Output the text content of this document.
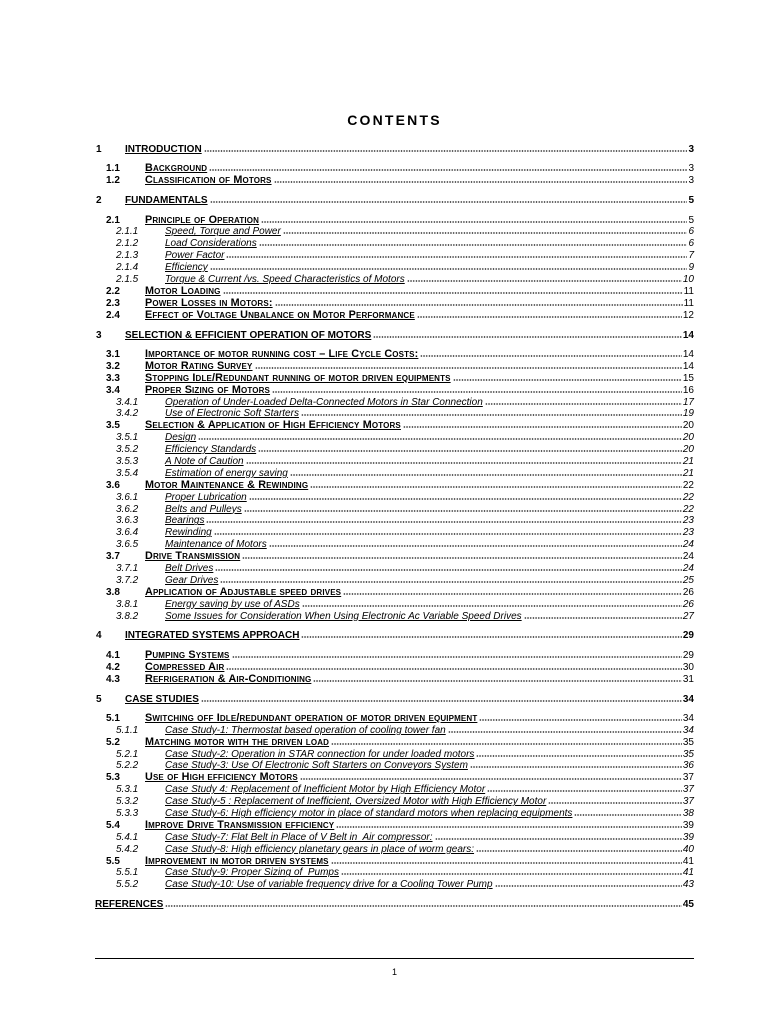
CONTENTS
1 INTRODUCTION	3
1.1 Background	3
1.2 Classification of Motors	3
2 FUNDAMENTALS	5
2.1 Principle of Operation	5
2.1.1	Speed, Torque and Power	6
2.1.2	Load Considerations	6
2.1.3	Power Factor	7
2.1.4	Efficiency	9
2.1.5	Torque & Current /vs. Speed Characteristics of Motors	10
2.2 Motor Loading	11
2.3 Power Losses in Motors:	11
2.4 Effect of Voltage Unbalance on Motor Performance	12
3 SELECTION & EFFICIENT OPERATION OF MOTORS	14
3.1 Importance of motor running cost – Life Cycle Costs:	14
3.2 Motor Rating Survey	14
3.3 Stopping Idle/Redundant running of motor driven equipments	15
3.4 Proper Sizing of Motors	16
3.4.1	Operation of Under-Loaded Delta-Connected Motors in Star Connection	17
3.4.2	Use of Electronic Soft Starters	19
3.5 Selection & Application of High Efficiency Motors	20
3.5.1	Design	20
3.5.2	Efficiency Standards	20
3.5.3	A Note of Caution	21
3.5.4	Estimation of energy saving	21
3.6 Motor Maintenance & Rewinding	22
3.6.1	Proper Lubrication	22
3.6.2	Belts and Pulleys	22
3.6.3	Bearings	23
3.6.4	Rewinding	23
3.6.5	Maintenance of Motors	24
3.7 Drive Transmission	24
3.7.1	Belt Drives	24
3.7.2	Gear Drives	25
3.8 Application of Adjustable speed drives	26
3.8.1	Energy saving by use of ASDs	26
3.8.2	Some Issues for Consideration When Using Electronic Ac Variable Speed Drives	27
4 INTEGRATED SYSTEMS APPROACH	29
4.1 Pumping Systems	29
4.2 Compressed Air	30
4.3 Refrigeration & Air-Conditioning	31
5 CASE STUDIES	34
5.1 Switching off Idle/redundant operation of motor driven equipment	34
5.1.1	Case Study-1: Thermostat based operation of cooling tower fan	34
5.2 Matching motor with the driven load	35
5.2.1	Case Study-2: Operation in STAR connection for under loaded motors	35
5.2.2	Case Study-3: Use Of Electronic Soft Starters on Conveyors System	36
5.3 Use of High efficiency Motors	37
5.3.1	Case Study 4: Replacement of Inefficient Motor by High Efficiency Motor	37
5.3.2	Case Study-5 : Replacement of Inefficient, Oversized Motor with High Efficiency Motor	37
5.3.3	Case Study-6: High efficiency motor in place of standard motors when replacing equipments	38
5.4 Improve Drive Transmission efficiency	39
5.4.1	Case Study-7: Flat Belt in Place of V Belt in  Air compressor:	39
5.4.2	Case Study-8: High efficiency planetary gears in place of worm gears:	40
5.5 Improvement in motor driven systems	41
5.5.1	Case Study-9: Proper Sizing of  Pumps	41
5.5.2	Case Study-10: Use of variable frequency drive for a Cooling Tower Pump	43
REFERENCES	45
1
